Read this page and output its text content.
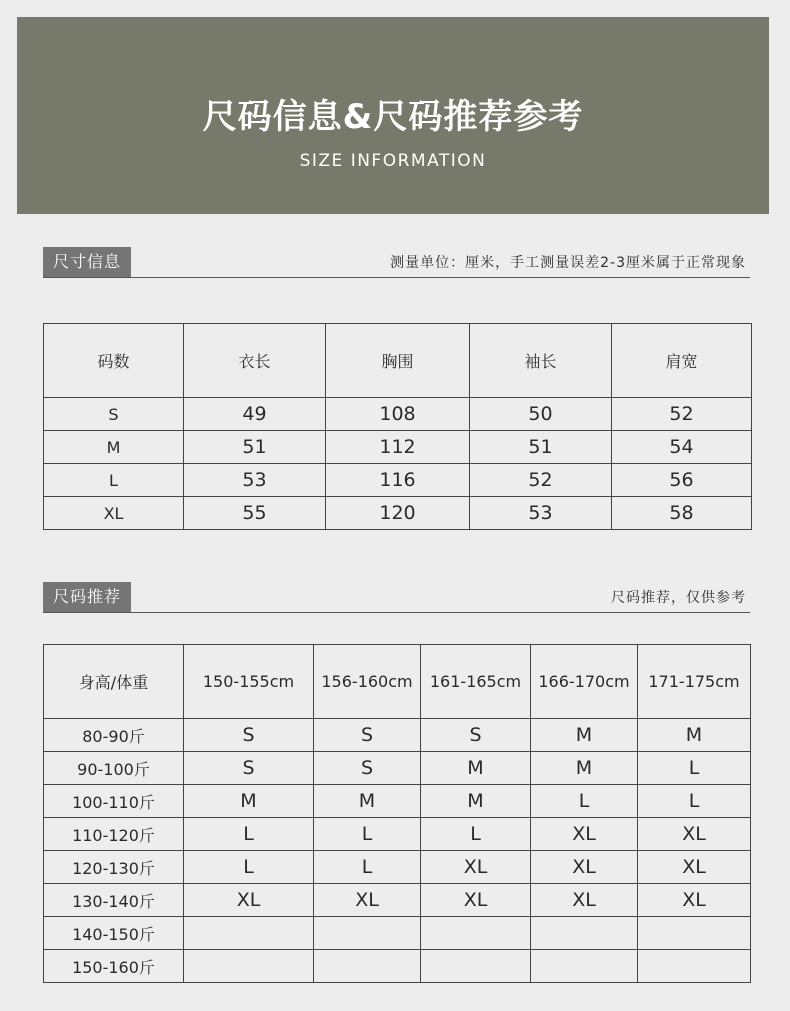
尺码信息&尺码推荐参考
SIZE INFORMATION
尺寸信息	测量单位：厘米，手工测量误差2-3厘米属于正常现象
码数	衣长	胸围	袖长	肩宽
S	49	108	50	52
M	51	112	51	54
L	53	116	52	56
XL	55	120	53	58
尺码推荐	尺码推荐，仅供参考
身高/体重	150-155cm	156-160cm	161-165cm	166-170cm	171-175cm
80-90斤	S	S	S	M	M
90-100斤	S	S	M	M	L
100-110斤	M	M	M	L	L
110-120斤	L	L	L	XL	XL
120-130斤	L	L	XL	XL	XL
130-140斤	XL	XL	XL	XL	XL
140-150斤					
150-160斤					
